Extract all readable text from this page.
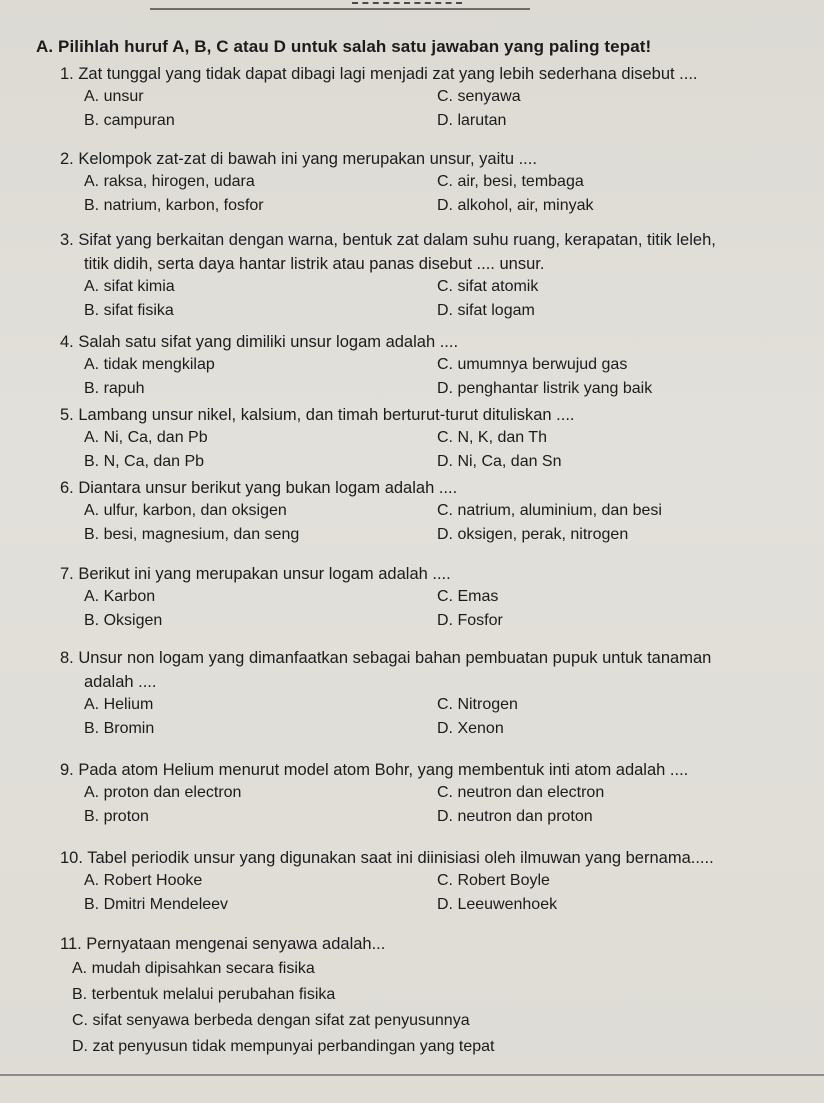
A. Pilihlah huruf A, B, C atau D untuk salah satu jawaban yang paling tepat!
1. Zat tunggal yang tidak dapat dibagi lagi menjadi zat yang lebih sederhana disebut ....
A. unsur
B. campuran
C. senyawa
D. larutan
2. Kelompok zat-zat di bawah ini yang merupakan unsur, yaitu ....
A. raksa, hirogen, udara
B. natrium, karbon, fosfor
C. air, besi, tembaga
D. alkohol, air, minyak
3. Sifat yang berkaitan dengan warna, bentuk zat dalam suhu ruang, kerapatan, titik leleh,
titik didih, serta daya hantar listrik atau panas disebut .... unsur.
A. sifat kimia
B. sifat fisika
C. sifat atomik
D. sifat logam
4. Salah satu sifat yang dimiliki unsur logam adalah ....
A. tidak mengkilap
B. rapuh
C. umumnya berwujud gas
D. penghantar listrik yang baik
5. Lambang unsur nikel, kalsium, dan timah berturut-turut dituliskan ....
A. Ni, Ca, dan Pb
B. N, Ca, dan Pb
C. N, K, dan Th
D. Ni, Ca, dan Sn
6. Diantara unsur berikut yang bukan logam adalah ....
A. ulfur, karbon, dan oksigen
B. besi, magnesium, dan seng
C. natrium, aluminium, dan besi
D. oksigen, perak, nitrogen
7. Berikut ini yang merupakan unsur logam adalah ....
A. Karbon
B. Oksigen
C. Emas
D. Fosfor
8. Unsur non logam yang dimanfaatkan sebagai bahan pembuatan pupuk untuk tanaman
adalah ....
A. Helium
B. Bromin
C. Nitrogen
D. Xenon
9. Pada atom Helium menurut model atom Bohr, yang membentuk inti atom adalah ....
A. proton dan electron
B. proton
C. neutron dan electron
D. neutron dan proton
10. Tabel periodik unsur yang digunakan saat ini diinisiasi oleh ilmuwan yang bernama.....
A. Robert Hooke
B. Dmitri Mendeleev
C. Robert Boyle
D. Leeuwenhoek
11. Pernyataan mengenai senyawa adalah...
A. mudah dipisahkan secara fisika
B. terbentuk melalui perubahan fisika
C. sifat senyawa berbeda dengan sifat zat penyusunnya
D. zat penyusun tidak mempunyai perbandingan yang tepat
